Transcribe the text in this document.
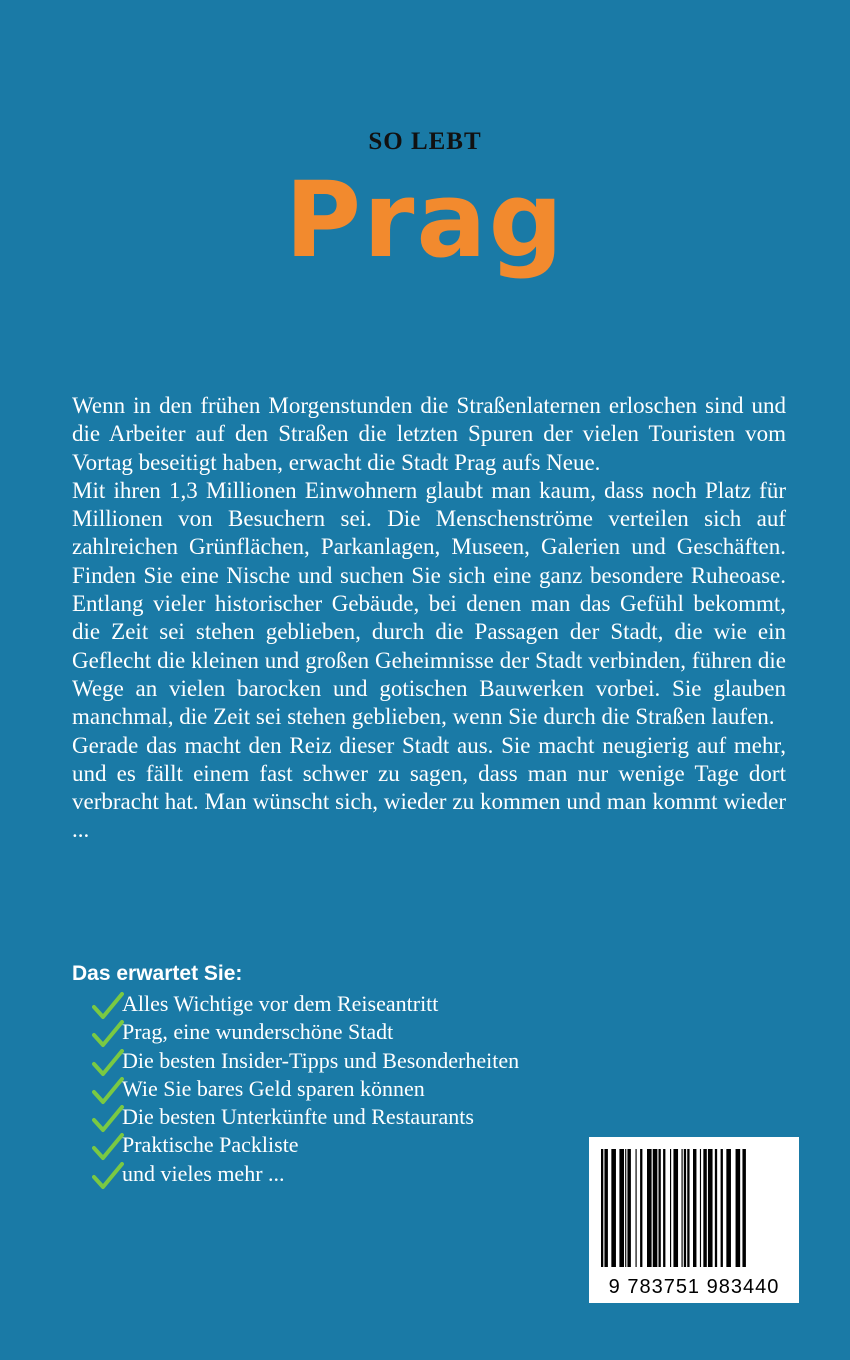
SO LEBT
Prag

Wenn in den frühen Morgenstunden die Straßenlaternen erloschen sind und die Arbeiter auf den Straßen die letzten Spuren der vielen Touristen vom Vortag beseitigt haben, erwacht die Stadt Prag aufs Neue.

Mit ihren 1,3 Millionen Einwohnern glaubt man kaum, dass noch Platz für Millionen von Besuchern sei. Die Menschenströme verteilen sich auf zahlreichen Grünflächen, Parkanlagen, Museen, Galerien und Geschäften. Finden Sie eine Nische und suchen Sie sich eine ganz besondere Ruheoase. Entlang vieler historischer Gebäude, bei denen man das Gefühl bekommt, die Zeit sei stehen geblieben, durch die Passagen der Stadt, die wie ein Geflecht die kleinen und großen Geheimnisse der Stadt verbinden, führen die Wege an vielen barocken und gotischen Bauwerken vorbei. Sie glauben manchmal, die Zeit sei stehen geblieben, wenn Sie durch die Straßen laufen.

Gerade das macht den Reiz dieser Stadt aus. Sie macht neugierig auf mehr, und es fällt einem fast schwer zu sagen, dass man nur wenige Tage dort verbracht hat. Man wünscht sich, wieder zu kommen und man kommt wieder ...

Das erwartet Sie:
Alles Wichtige vor dem Reiseantritt
Prag, eine wunderschöne Stadt
Die besten Insider-Tipps und Besonderheiten
Wie Sie bares Geld sparen können
Die besten Unterkünfte und Restaurants
Praktische Packliste
und vieles mehr ...
9 783751 983440
